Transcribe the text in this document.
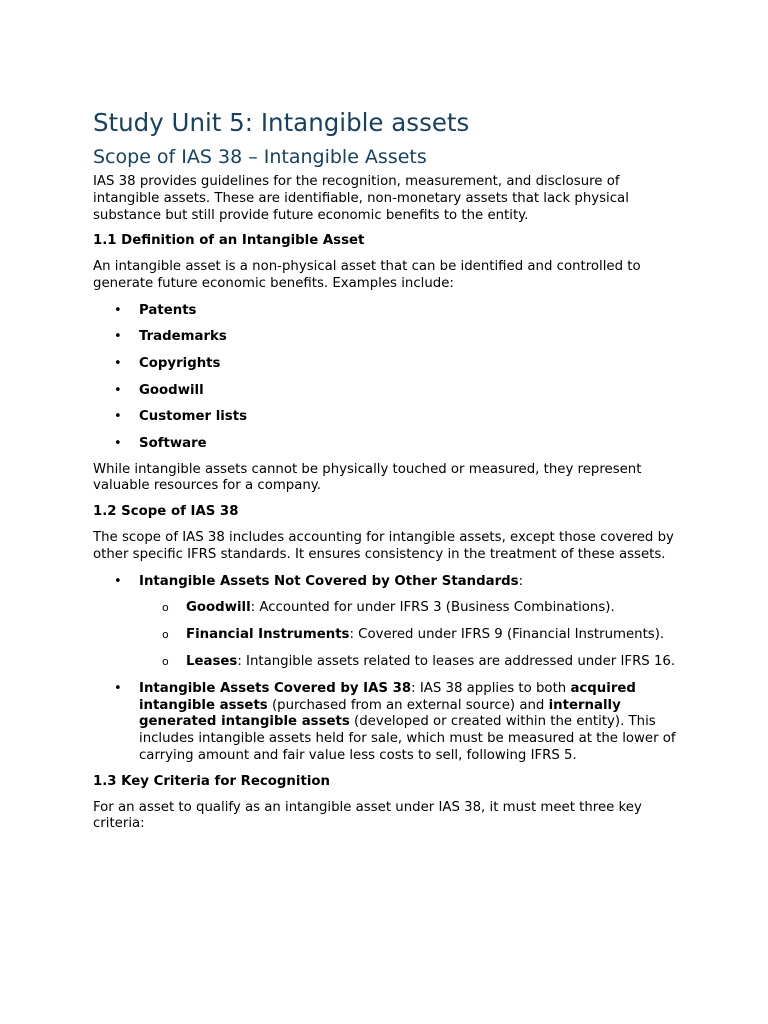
Study Unit 5: Intangible assets
Scope of IAS 38 – Intangible Assets

IAS 38 provides guidelines for the recognition, measurement, and disclosure of intangible assets. These are identifiable, non-monetary assets that lack physical substance but still provide future economic benefits to the entity.

1.1 Definition of an Intangible Asset

An intangible asset is a non-physical asset that can be identified and controlled to generate future economic benefits. Examples include:

• Patents
• Trademarks
• Copyrights
• Goodwill
• Customer lists
• Software

While intangible assets cannot be physically touched or measured, they represent valuable resources for a company.

1.2 Scope of IAS 38

The scope of IAS 38 includes accounting for intangible assets, except those covered by other specific IFRS standards. It ensures consistency in the treatment of these assets.

• Intangible Assets Not Covered by Other Standards:
o Goodwill: Accounted for under IFRS 3 (Business Combinations).
o Financial Instruments: Covered under IFRS 9 (Financial Instruments).
o Leases: Intangible assets related to leases are addressed under IFRS 16.
• Intangible Assets Covered by IAS 38: IAS 38 applies to both acquired intangible assets (purchased from an external source) and internally generated intangible assets (developed or created within the entity). This includes intangible assets held for sale, which must be measured at the lower of carrying amount and fair value less costs to sell, following IFRS 5.

1.3 Key Criteria for Recognition

For an asset to qualify as an intangible asset under IAS 38, it must meet three key criteria:
